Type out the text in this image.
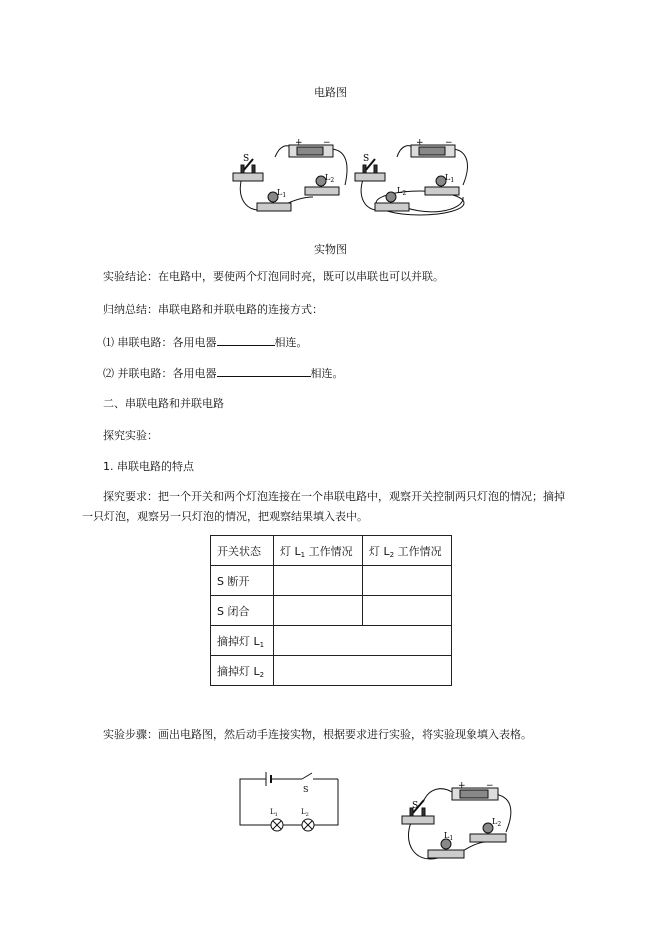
S
+ −
$L_1$
$L_2$
S
+ −
$L_2$
$L_1$
电路图
实物图
实验结论：在电路中，要使两个灯泡同时亮，既可以串联也可以并联。
归纳总结：串联电路和并联电路的连接方式：
⑴ 串联电路：各用电器	相连。
⑵ 并联电路：各用电器	相连。
二、串联电路和并联电路
探究实验：
1. 串联电路的特点
探究要求：把一个开关和两个灯泡连接在一个串联电路中，观察开关控制两只灯泡的情况；摘掉
一只灯泡，观察另一只灯泡的情况，把观察结果填入表中。
开关状态	灯 $L_1$ 工作情况	灯 $L_2$ 工作情况
S 断开		
S 闭合		
摘掉灯 $L_1$	
摘掉灯 $L_2$	
实验步骤：画出电路图，然后动手连接实物，根据要求进行实验，将实验现象填入表格。
S
$L_1$	$L_2$
S
+ −
$L_1$
$L_2$
